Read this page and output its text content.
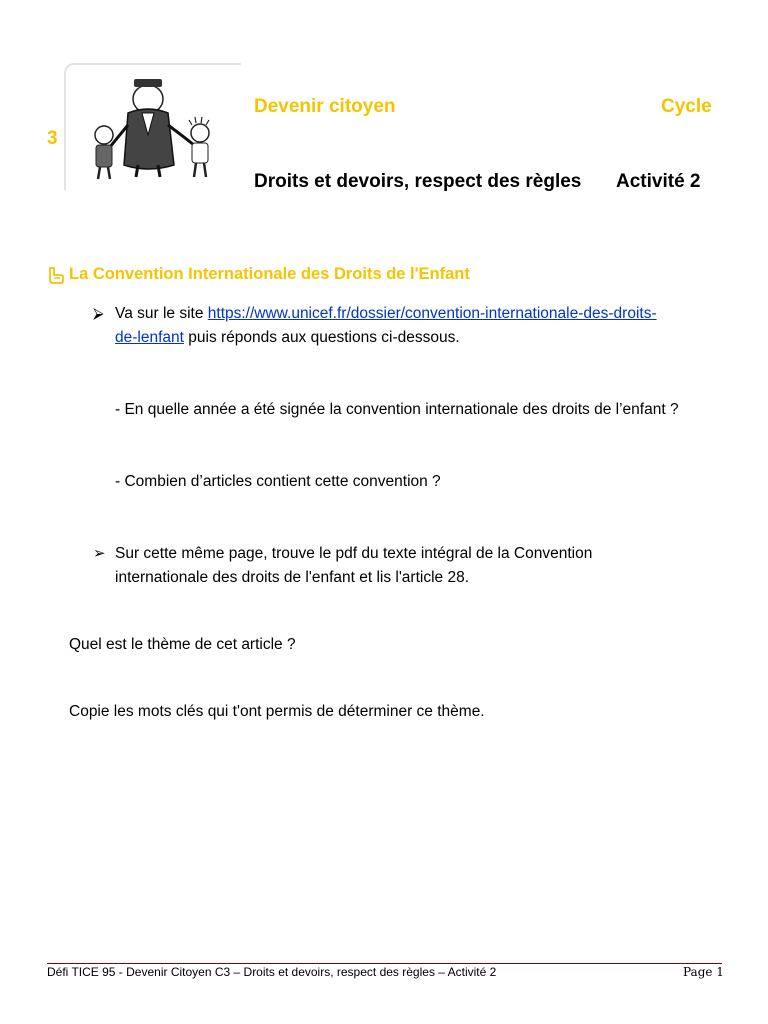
Devenir citoyen	Cycle
3
Droits et devoirs, respect des règles Activité 2
La Convention Internationale des Droits de l'Enfant
⮚ Va sur le site https://www.unicef.fr/dossier/convention-internationale-des-droits-
de-lenfant puis réponds aux questions ci-dessous.
- En quelle année a été signée la convention internationale des droits de l’enfant ?
- Combien d’articles contient cette convention ?
➢ Sur cette même page, trouve le pdf du texte intégral de la Convention
internationale des droits de l'enfant et lis l'article 28.
Quel est le thème de cet article ?
Copie les mots clés qui t'ont permis de déterminer ce thème.
Défi TICE 95 - Devenir Citoyen C3 – Droits et devoirs, respect des règles – Activité 2	Page 1
